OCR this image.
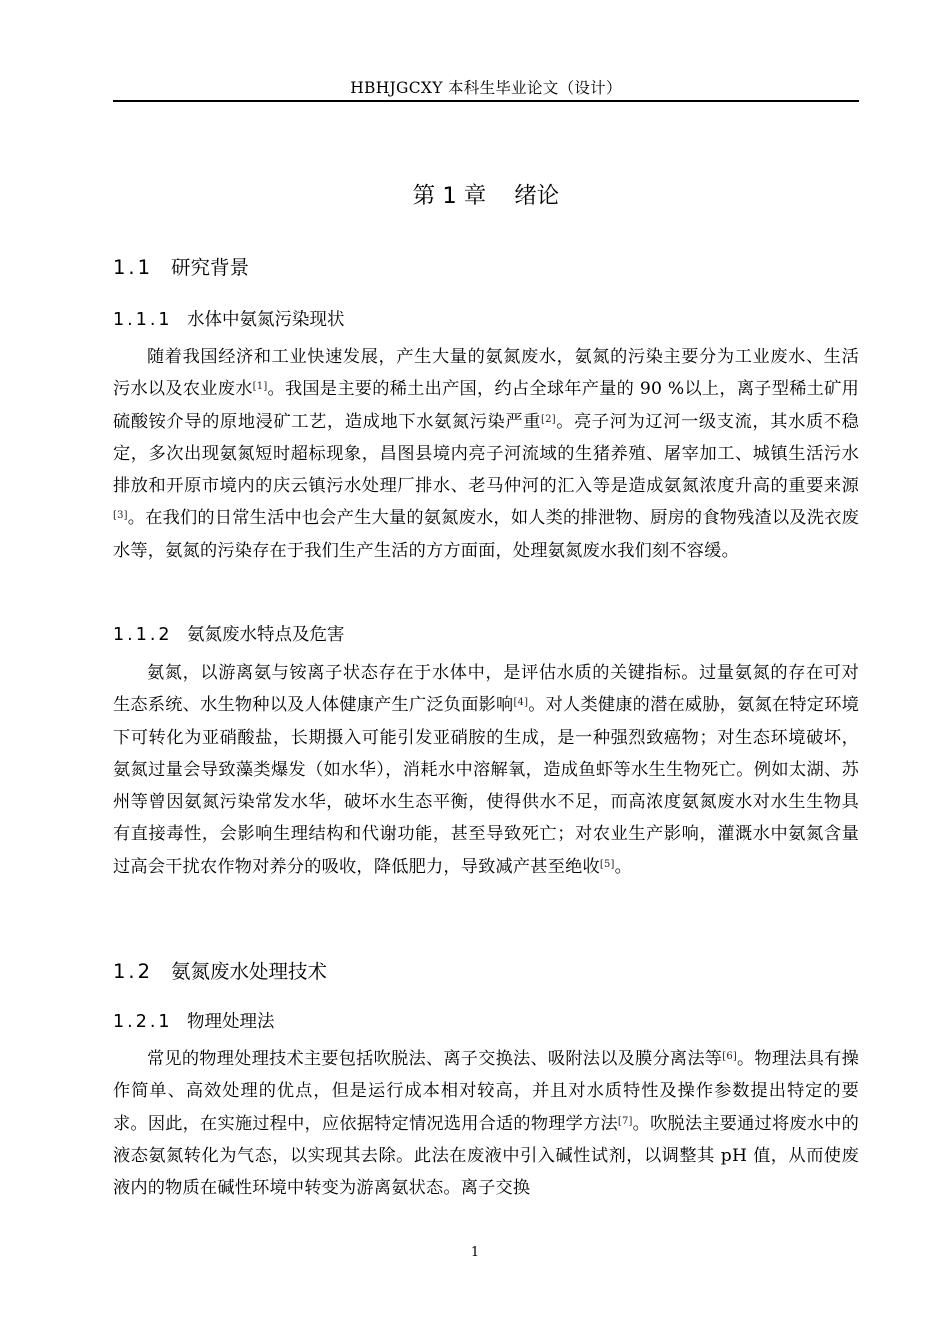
HBHJGCXY 本科生毕业论文（设计）
第 1 章 绪论
1.1 研究背景
1.1.1 水体中氨氮污染现状

随着我国经济和工业快速发展，产生大量的氨氮废水，氨氮的污染主要分为工业废水、生活污水以及农业废水[1]。我国是主要的稀土出产国，约占全球年产量的 90 %以上，离子型稀土矿用硫酸铵介导的原地浸矿工艺，造成地下水氨氮污染严重[2]。亮子河为辽河一级支流，其水质不稳定，多次出现氨氮短时超标现象，昌图县境内亮子河流域的生猪养殖、屠宰加工、城镇生活污水排放和开原市境内的庆云镇污水处理厂排水、老马仲河的汇入等是造成氨氮浓度升高的重要来源[3]。在我们的日常生活中也会产生大量的氨氮废水，如人类的排泄物、厨房的食物残渣以及洗衣废水等，氨氮的污染存在于我们生产生活的方方面面，处理氨氮废水我们刻不容缓。

1.1.2 氨氮废水特点及危害

氨氮，以游离氨与铵离子状态存在于水体中，是评估水质的关键指标。过量氨氮的存在可对生态系统、水生物种以及人体健康产生广泛负面影响[4]。对人类健康的潜在威胁，氨氮在特定环境下可转化为亚硝酸盐，长期摄入可能引发亚硝胺的生成，是一种强烈致癌物；对生态环境破坏，氨氮过量会导致藻类爆发（如水华），消耗水中溶解氧，造成鱼虾等水生生物死亡。例如太湖、苏州等曾因氨氮污染常发水华，破坏水生态平衡，使得供水不足，而高浓度氨氮废水对水生生物具有直接毒性，会影响生理结构和代谢功能，甚至导致死亡；对农业生产影响，灌溉水中氨氮含量过高会干扰农作物对养分的吸收，降低肥力，导致减产甚至绝收[5]。

1.2 氨氮废水处理技术
1.2.1 物理处理法

常见的物理处理技术主要包括吹脱法、离子交换法、吸附法以及膜分离法等[6]。物理法具有操作简单、高效处理的优点，但是运行成本相对较高，并且对水质特性及操作参数提出特定的要求。因此，在实施过程中，应依据特定情况选用合适的物理学方法[7]。吹脱法主要通过将废水中的液态氨氮转化为气态，以实现其去除。此法在废液中引入碱性试剂，以调整其 pH 值，从而使废液内的物质在碱性环境中转变为游离氨状态。离子交换

1
